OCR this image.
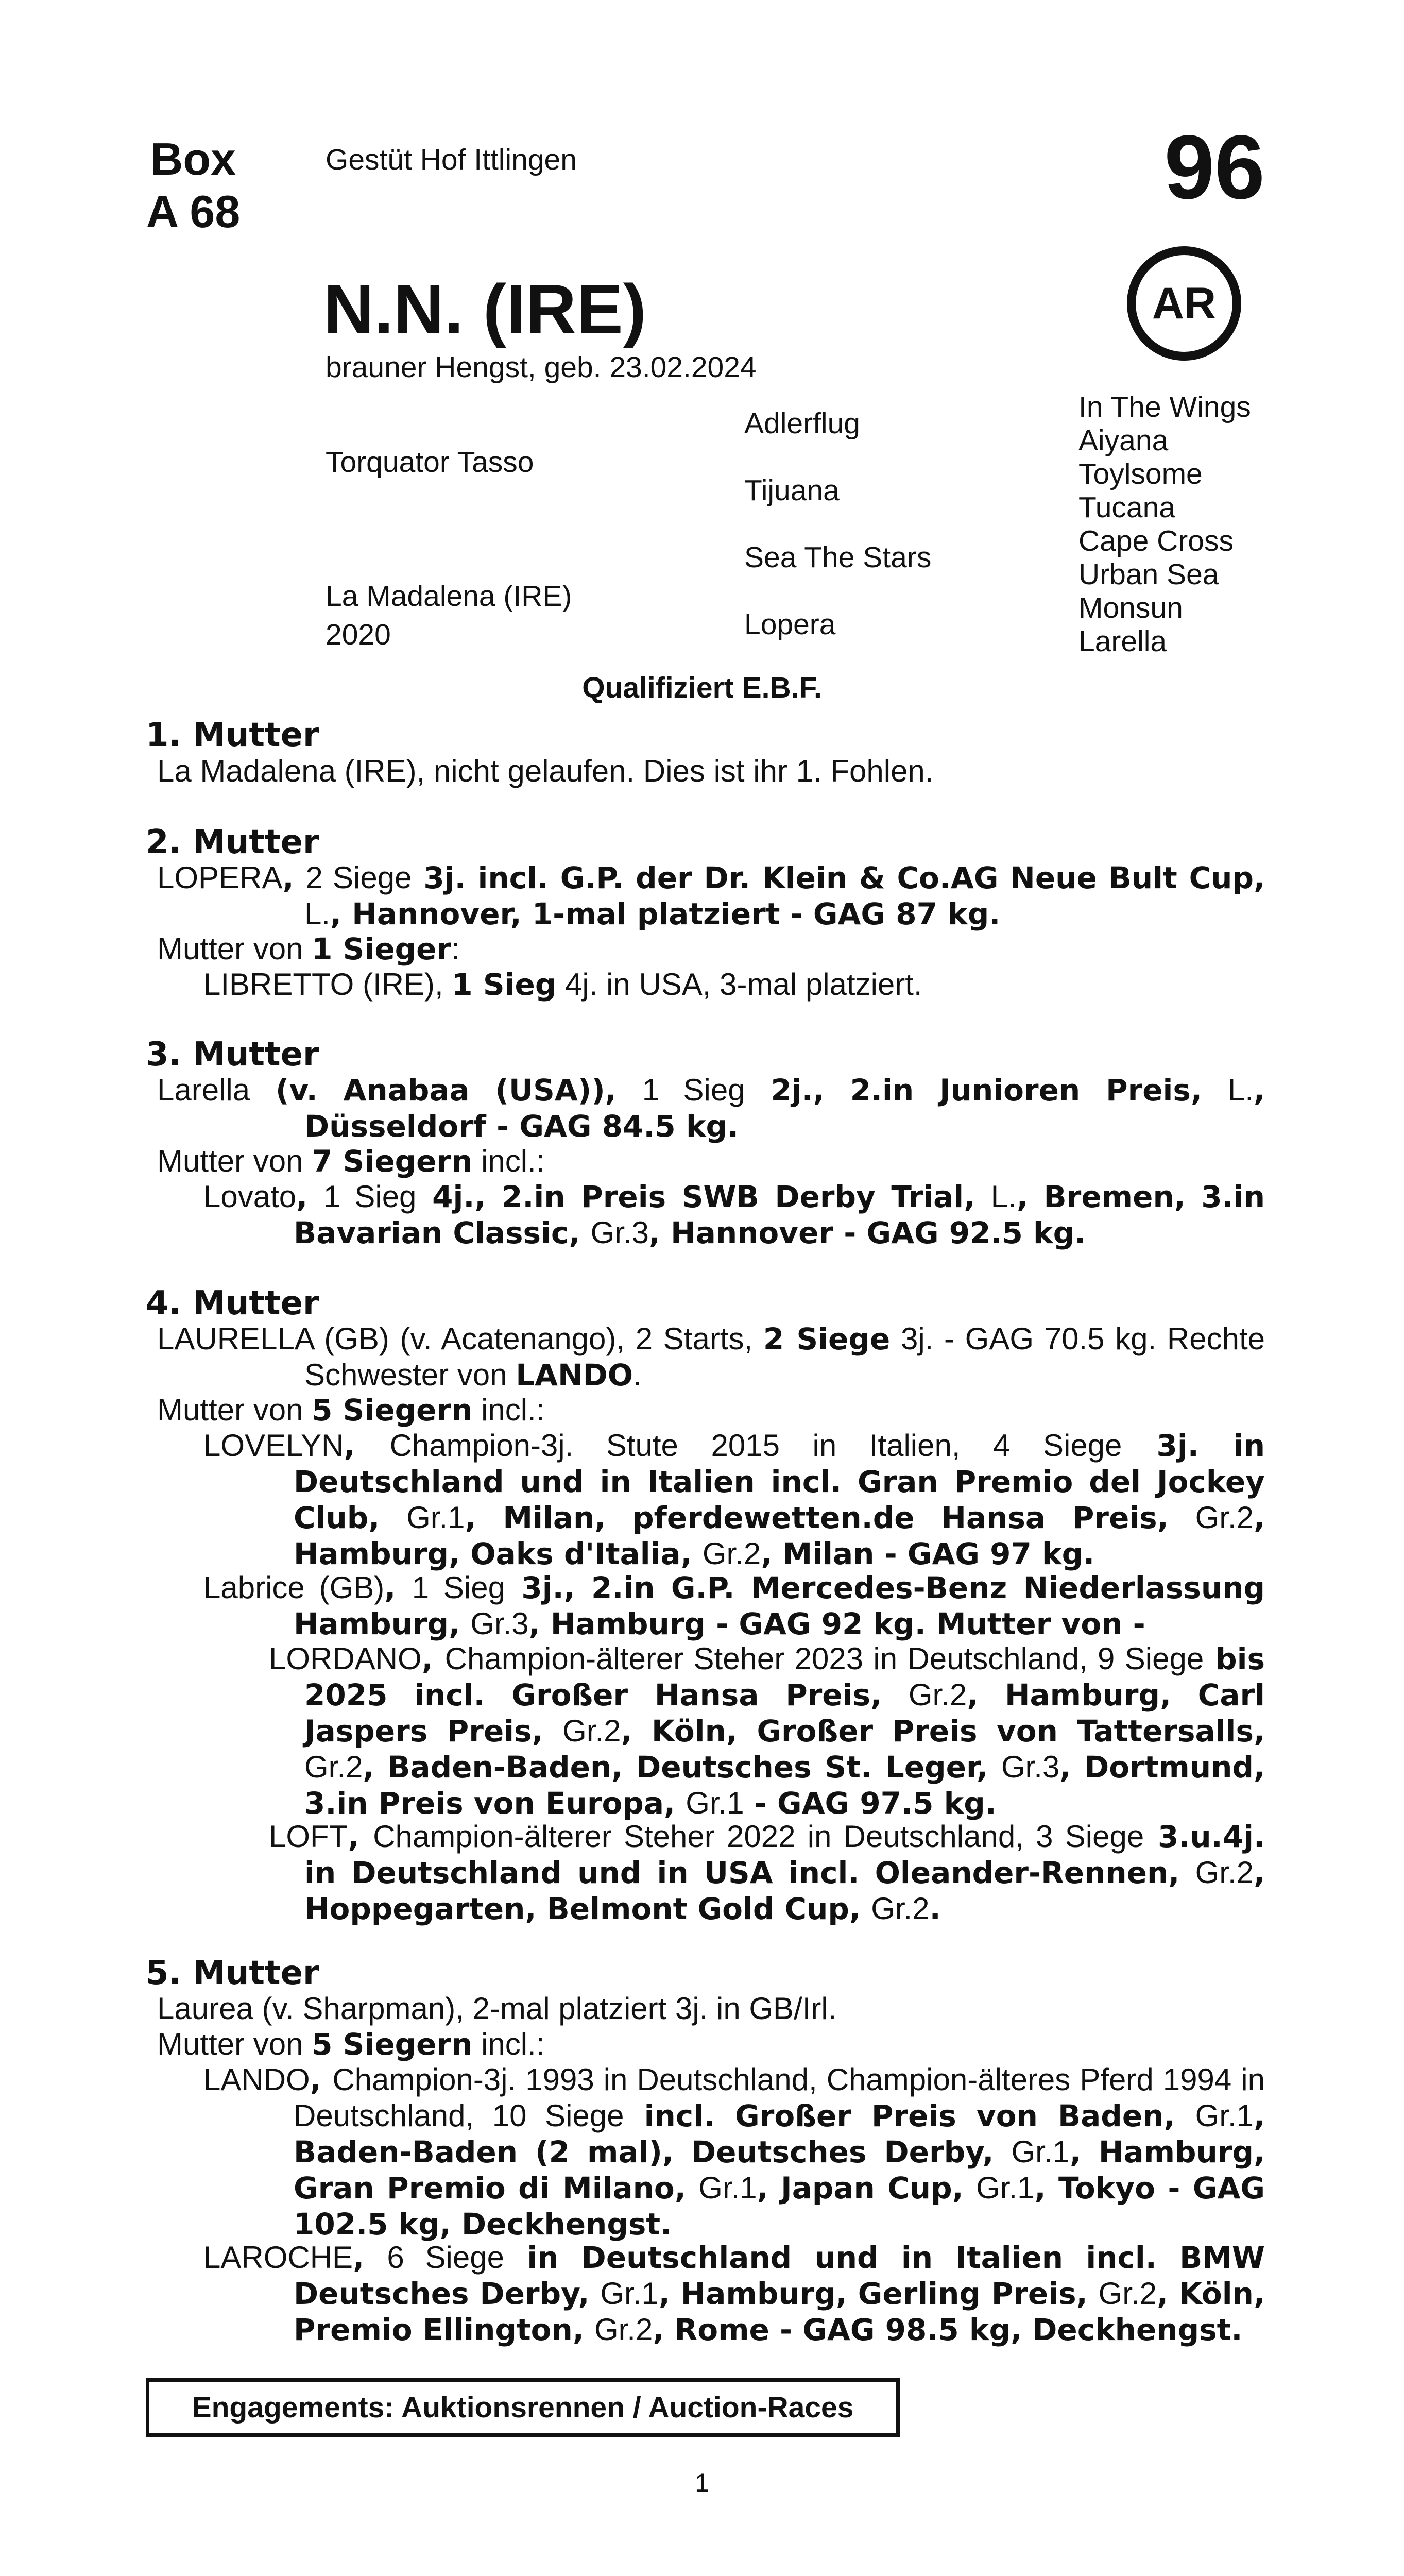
Box
A 68
Gestüt Hof Ittlingen	96
AR
N.N. (IRE)
brauner Hengst, geb. 23.02.2024
Torquator Tasso
La Madalena (IRE)
2020
Adlerflug
Tijuana
Sea The Stars
Lopera
In The Wings
Aiyana
Toylsome
Tucana
Cape Cross
Urban Sea
Monsun
Larella
Qualifiziert E.B.F.
1. Mutter
La Madalena (IRE), nicht gelaufen. Dies ist ihr 1. Fohlen.
2. Mutter
LOPERA, 2 Siege 3j. incl. G.P. der Dr. Klein & Co.AG Neue Bult Cup, L., Hannover, 1-mal platziert - GAG 87 kg.
Mutter von 1 Sieger:
LIBRETTO (IRE), 1 Sieg 4j. in USA, 3-mal platziert.
3. Mutter
Larella (v. Anabaa (USA)), 1 Sieg 2j., 2.in Junioren Preis, L., Düsseldorf - GAG 84.5 kg.
Mutter von 7 Siegern incl.:
Lovato, 1 Sieg 4j., 2.in Preis SWB Derby Trial, L., Bremen, 3.in Bavarian Classic, Gr.3, Hannover - GAG 92.5 kg.
4. Mutter
LAURELLA (GB) (v. Acatenango), 2 Starts, 2 Siege 3j. - GAG 70.5 kg. Rechte Schwester von LANDO.
Mutter von 5 Siegern incl.:
LOVELYN, Champion-3j. Stute 2015 in Italien, 4 Siege 3j. in Deutschland und in Italien incl. Gran Premio del Jockey Club, Gr.1, Milan, pferdewetten.de Hansa Preis, Gr.2, Hamburg, Oaks d'Italia, Gr.2, Milan - GAG 97 kg.
Labrice (GB), 1 Sieg 3j., 2.in G.P. Mercedes-Benz Niederlassung Hamburg, Gr.3, Hamburg - GAG 92 kg. Mutter von -
LORDANO, Champion-älterer Steher 2023 in Deutschland, 9 Siege bis 2025 incl. Großer Hansa Preis, Gr.2, Hamburg, Carl Jaspers Preis, Gr.2, Köln, Großer Preis von Tattersalls, Gr.2, Baden-Baden, Deutsches St. Leger, Gr.3, Dortmund, 3.in Preis von Europa, Gr.1 - GAG 97.5 kg.
LOFT, Champion-älterer Steher 2022 in Deutschland, 3 Siege 3.u.4j. in Deutschland und in USA incl. Oleander-Rennen, Gr.2, Hoppegarten, Belmont Gold Cup, Gr.2.
5. Mutter
Laurea (v. Sharpman), 2-mal platziert 3j. in GB/Irl.
Mutter von 5 Siegern incl.:
LANDO, Champion-3j. 1993 in Deutschland, Champion-älteres Pferd 1994 in Deutschland, 10 Siege incl. Großer Preis von Baden, Gr.1, Baden-Baden (2 mal), Deutsches Derby, Gr.1, Hamburg, Gran Premio di Milano, Gr.1, Japan Cup, Gr.1, Tokyo - GAG 102.5 kg, Deckhengst.
LAROCHE, 6 Siege in Deutschland und in Italien incl. BMW Deutsches Derby, Gr.1, Hamburg, Gerling Preis, Gr.2, Köln, Premio Ellington, Gr.2, Rome - GAG 98.5 kg, Deckhengst.
Engagements: Auktionsrennen / Auction-Races
1
